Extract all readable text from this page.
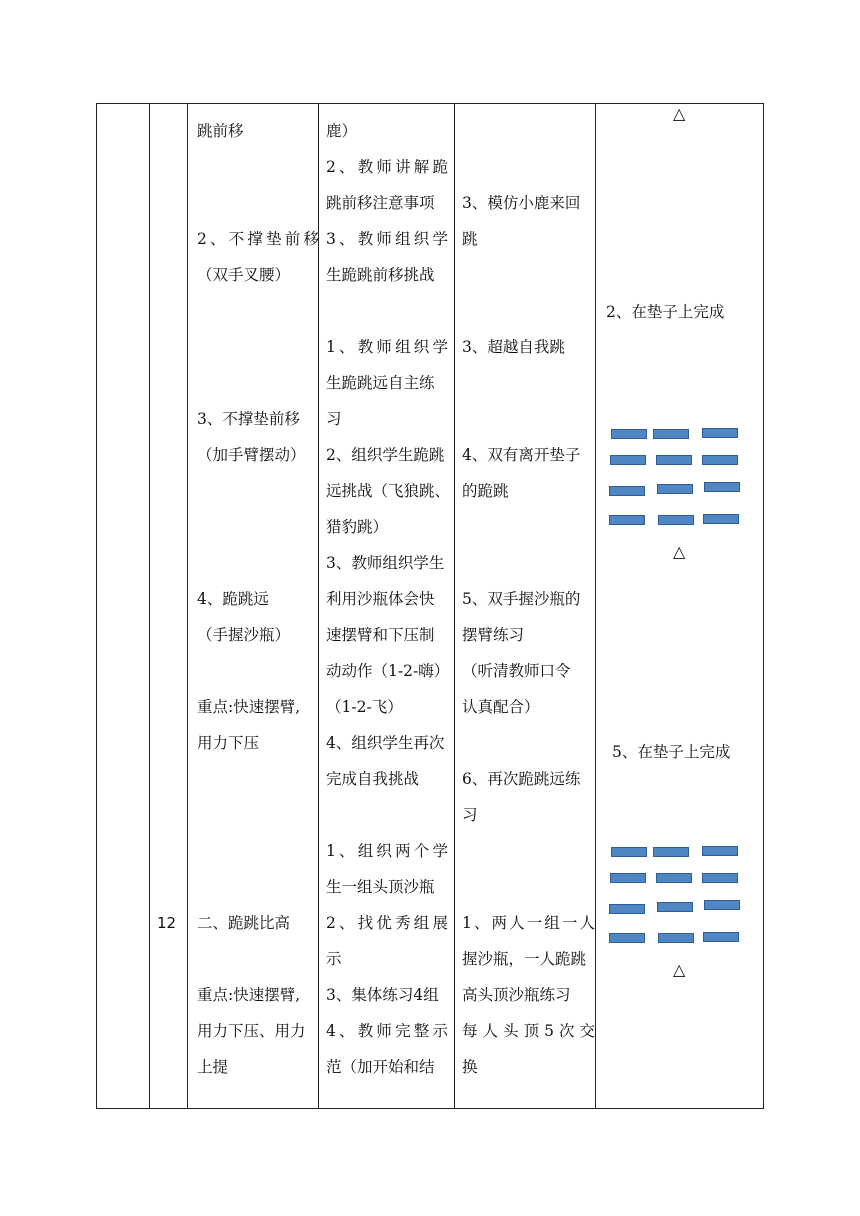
12
跳前移
2、不撑垫前移
（双手叉腰）
3、不撑垫前移
（加手臂摆动）
4、跪跳远
（手握沙瓶）
重点:快速摆臂,
用力下压
二、跪跳比高
重点:快速摆臂,
用力下压、用力
上提
鹿）
2、教师讲解跪
跳前移注意事项
3、教师组织学
生跪跳前移挑战
1、教师组织学
生跪跳远自主练
习
2、组织学生跪跳
远挑战（飞狼跳、
猎豹跳）
3、教师组织学生
利用沙瓶体会快
速摆臂和下压制
动动作（1-2-嗨）
（1-2-飞）
4、组织学生再次
完成自我挑战
1、组织两个学
生一组头顶沙瓶
2、找优秀组展
示
3、集体练习4组
4、教师完整示
范（加开始和结
3、模仿小鹿来回
跳
3、超越自我跳
4、双有离开垫子
的跪跳
5、双手握沙瓶的
摆臂练习
（听清教师口令
认真配合）
6、再次跪跳远练
习
1、两人一组一人
握沙瓶，一人跪跳
高头顶沙瓶练习
每人头顶5次交
换
△
2、在垫子上完成
△
5、在垫子上完成
△
